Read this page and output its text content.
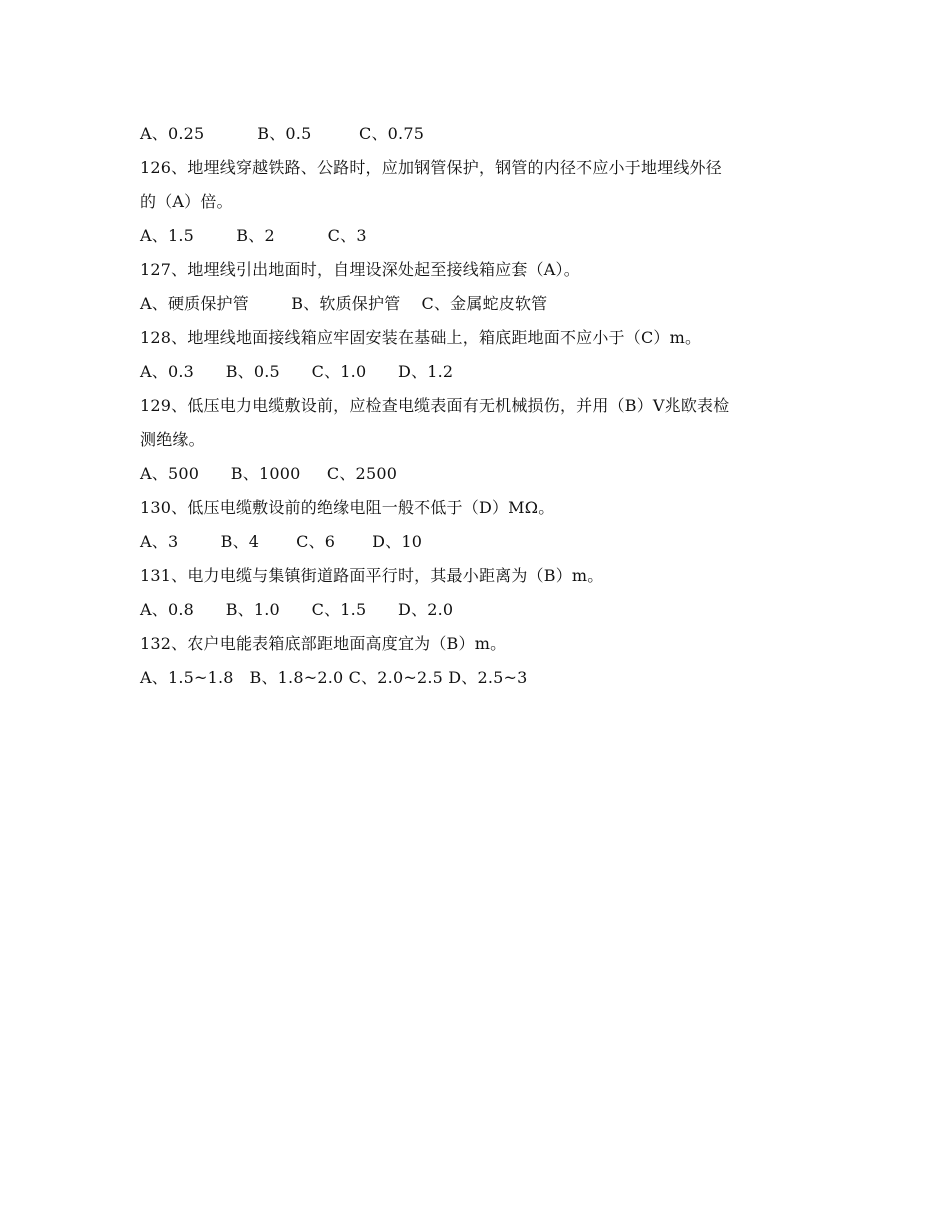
A、0.25          B、0.5         C、0.75
126、地埋线穿越铁路、公路时，应加钢管保护，钢管的内径不应小于地埋线外径
的（A）倍。
A、1.5        B、2          C、3
127、地埋线引出地面时，自埋设深处起至接线箱应套（A）。
A、硬质保护管        B、软质保护管    C、金属蛇皮软管
128、地埋线地面接线箱应牢固安装在基础上，箱底距地面不应小于（C）m。
A、0.3      B、0.5      C、1.0      D、1.2
129、低压电力电缆敷设前，应检查电缆表面有无机械损伤，并用（B）V兆欧表检
测绝缘。
A、500      B、1000     C、2500
130、低压电缆敷设前的绝缘电阻一般不低于（D）MΩ。
A、3        B、4       C、6       D、10
131、电力电缆与集镇街道路面平行时，其最小距离为（B）m。
A、0.8      B、1.0      C、1.5      D、2.0
132、农户电能表箱底部距地面高度宜为（B）m。
A、1.5~1.8   B、1.8~2.0 C、2.0~2.5 D、2.5~3
